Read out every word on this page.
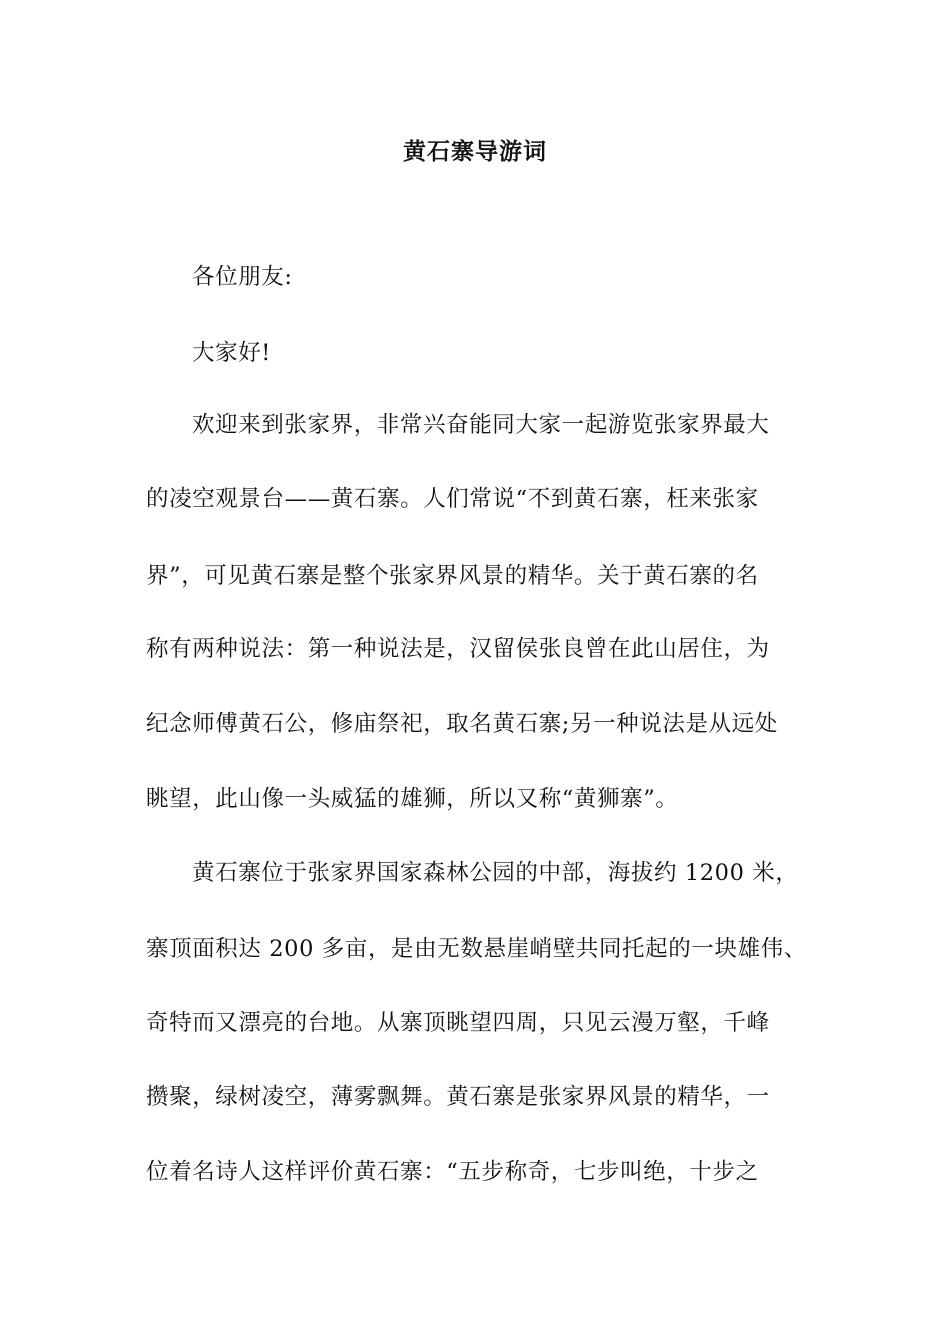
黄石寨导游词
各位朋友:
大家好!
欢迎来到张家界，非常兴奋能同大家一起游览张家界最大
的凌空观景台——黄石寨。人们常说“不到黄石寨，枉来张家
界”，可见黄石寨是整个张家界风景的精华。关于黄石寨的名
称有两种说法：第一种说法是，汉留侯张良曾在此山居住，为
纪念师傅黄石公，修庙祭祀，取名黄石寨;另一种说法是从远处
眺望，此山像一头威猛的雄狮，所以又称“黄狮寨”。
黄石寨位于张家界国家森林公园的中部，海拔约 1200 米，
寨顶面积达 200 多亩，是由无数悬崖峭壁共同托起的一块雄伟、
奇特而又漂亮的台地。从寨顶眺望四周，只见云漫万壑，千峰
攒聚，绿树凌空，薄雾飘舞。黄石寨是张家界风景的精华，一
位着名诗人这样评价黄石寨：“五步称奇，七步叫绝，十步之
